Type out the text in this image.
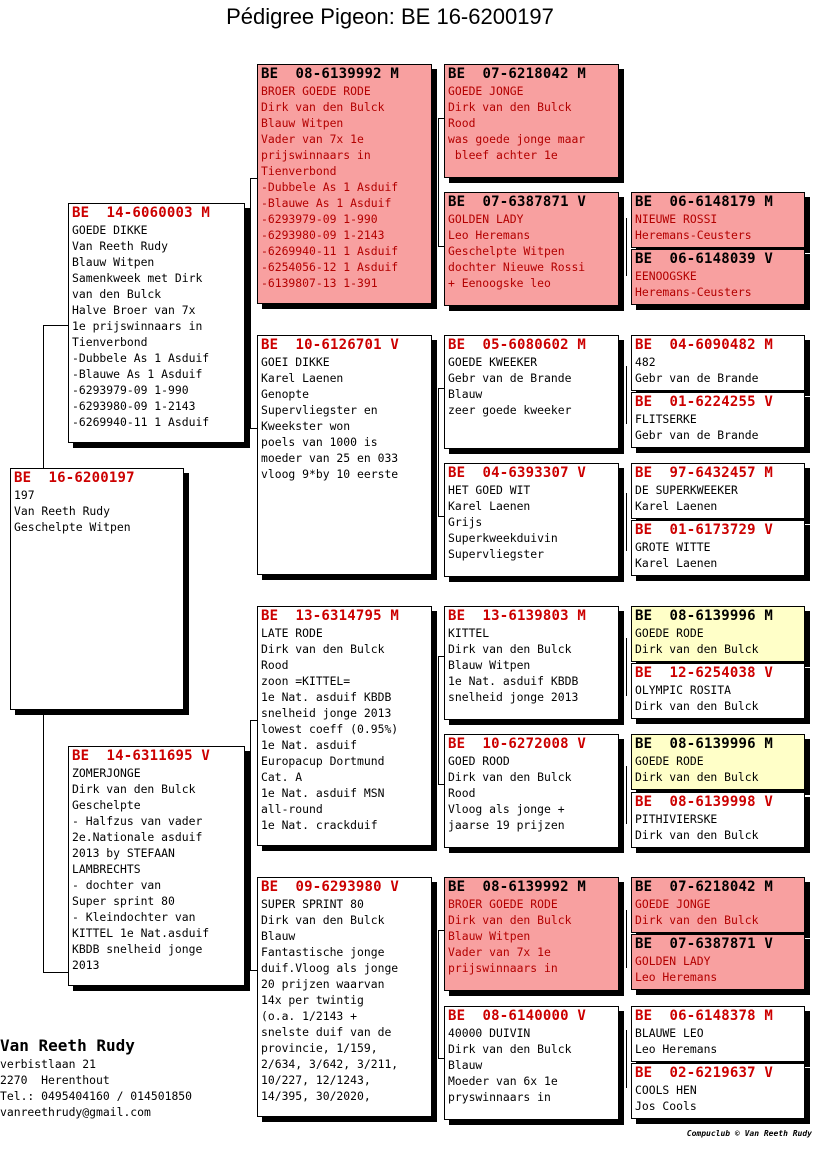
Pédigree Pigeon: BE 16-6200197
BE  16-6200197
197
Van Reeth Rudy
Geschelpte Witpen
BE  14-6060003 M
GOEDE DIKKE
Van Reeth Rudy
Blauw Witpen
Samenkweek met Dirk
van den Bulck
Halve Broer van 7x
1e prijswinnaars in
Tienverbond
-Dubbele As 1 Asduif
-Blauwe As 1 Asduif
-6293979-09 1-990
-6293980-09 1-2143
-6269940-11 1 Asduif
BE  14-6311695 V
ZOMERJONGE
Dirk van den Bulck
Geschelpte
- Halfzus van vader
2e.Nationale asduif
2013 by STEFAAN
LAMBRECHTS
- dochter van
Super sprint 80
- Kleindochter van
KITTEL 1e Nat.asduif
KBDB snelheid jonge
2013
BE  08-6139992 M
BROER GOEDE RODE
Dirk van den Bulck
Blauw Witpen
Vader van 7x 1e
prijswinnaars in
Tienverbond
-Dubbele As 1 Asduif
-Blauwe As 1 Asduif
-6293979-09 1-990
-6293980-09 1-2143
-6269940-11 1 Asduif
-6254056-12 1 Asduif
-6139807-13 1-391
BE  10-6126701 V
GOEI DIKKE
Karel Laenen
Genopte
Supervliegster en
Kweekster won
poels van 1000 is
moeder van 25 en 033
vloog 9*by 10 eerste
BE  13-6314795 M
LATE RODE
Dirk van den Bulck
Rood
zoon =KITTEL=
1e Nat. asduif KBDB
snelheid jonge 2013
lowest coeff (0.95%)
1e Nat. asduif
Europacup Dortmund
Cat. A
1e Nat. asduif MSN
all-round
1e Nat. crackduif
BE  09-6293980 V
SUPER SPRINT 80
Dirk van den Bulck
Blauw
Fantastische jonge
duif.Vloog als jonge
20 prijzen waarvan
14x per twintig
(o.a. 1/2143 +
snelste duif van de
provincie, 1/159,
2/634, 3/642, 3/211,
10/227, 12/1243,
14/395, 30/2020,
BE  07-6218042 M
GOEDE JONGE
Dirk van den Bulck
Rood
was goede jonge maar
bleef achter 1e
BE  07-6387871 V
GOLDEN LADY
Leo Heremans
Geschelpte Witpen
dochter Nieuwe Rossi
+ Eenoogske leo
BE  05-6080602 M
GOEDE KWEEKER
Gebr van de Brande
Blauw
zeer goede kweeker
BE  04-6393307 V
HET GOED WIT
Karel Laenen
Grijs
Superkweekduivin
Supervliegster
BE  13-6139803 M
KITTEL
Dirk van den Bulck
Blauw Witpen
1e Nat. asduif KBDB
snelheid jonge 2013
BE  10-6272008 V
GOED ROOD
Dirk van den Bulck
Rood
Vloog als jonge +
jaarse 19 prijzen
BE  08-6139992 M
BROER GOEDE RODE
Dirk van den Bulck
Blauw Witpen
Vader van 7x 1e
prijswinnaars in
BE  08-6140000 V
40000 DUIVIN
Dirk van den Bulck
Blauw
Moeder van 6x 1e
pryswinnaars in
BE  06-6148179 M
NIEUWE ROSSI
Heremans-Ceusters
BE  06-6148039 V
EENOOGSKE
Heremans-Ceusters
BE  04-6090482 M
482
Gebr van de Brande
BE  01-6224255 V
FLITSERKE
Gebr van de Brande
BE  97-6432457 M
DE SUPERKWEEKER
Karel Laenen
BE  01-6173729 V
GROTE WITTE
Karel Laenen
BE  08-6139996 M
GOEDE RODE
Dirk van den Bulck
BE  12-6254038 V
OLYMPIC ROSITA
Dirk van den Bulck
BE  08-6139996 M
GOEDE RODE
Dirk van den Bulck
BE  08-6139998 V
PITHIVIERSKE
Dirk van den Bulck
BE  07-6218042 M
GOEDE JONGE
Dirk van den Bulck
BE  07-6387871 V
GOLDEN LADY
Leo Heremans
BE  06-6148378 M
BLAUWE LEO
Leo Heremans
BE  02-6219637 V
COOLS HEN
Jos Cools
Van Reeth Rudy
verbistlaan 21
2270  Herenthout
Tel.: 0495404160 / 014501850
vanreethrudy@gmail.com
Compuclub © Van Reeth Rudy
